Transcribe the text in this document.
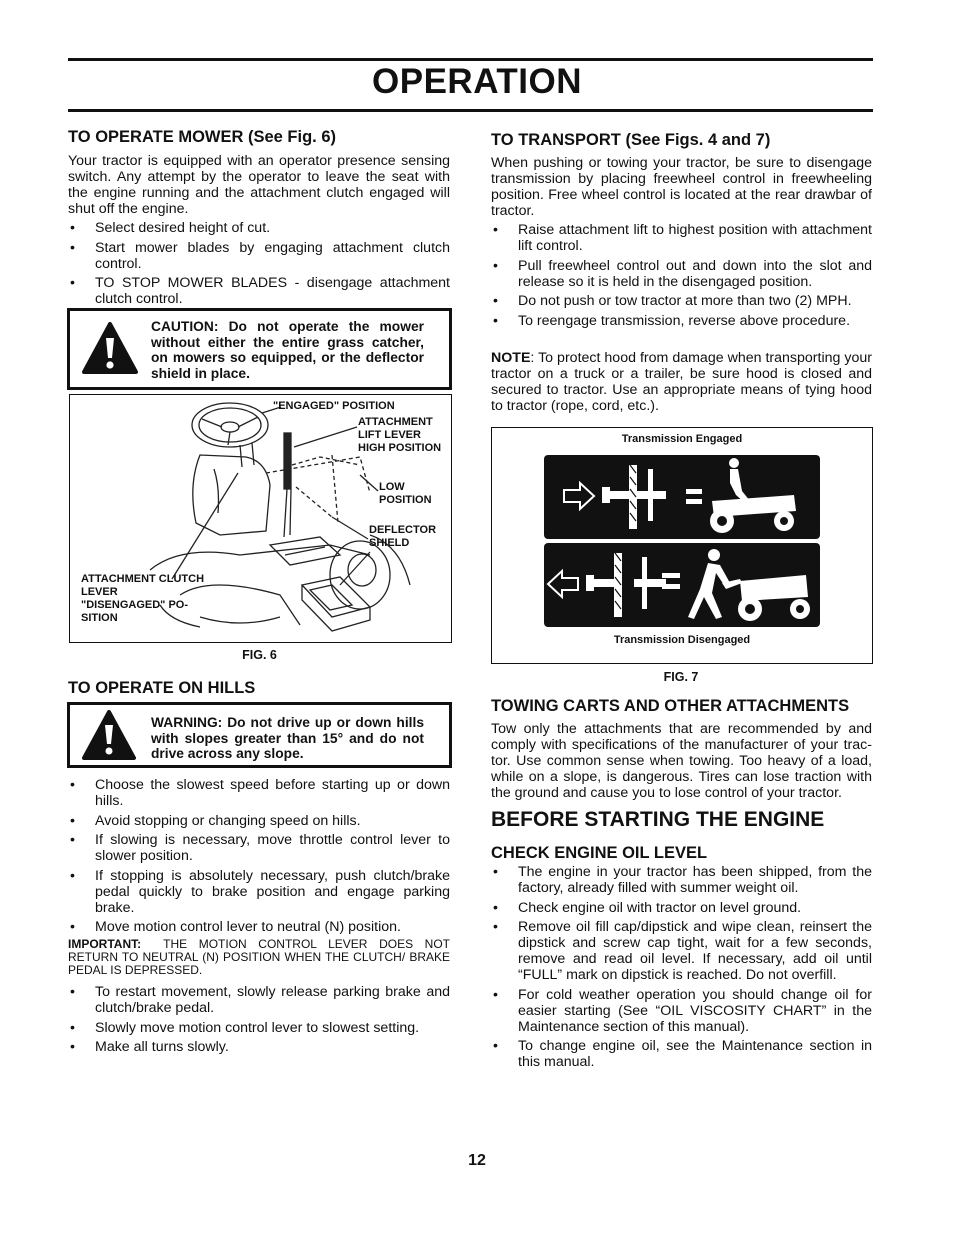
OPERATION
TO OPERATE MOWER (See Fig. 6)

Your tractor is equipped with an operator presence sensing switch. Any attempt by the operator to leave the seat with the engine running and the attachment clutch engaged will shut off the engine.

• Select desired height of cut.
• Start mower blades by engaging attachment clutch control.
• TO STOP MOWER BLADES - disengage attachment clutch control.
CAUTION: Do not operate the mower without either the entire grass catcher, on mowers so equipped, or the deflector shield in place.
"ENGAGED" POSITION
ATTACHMENT LIFT LEVER HIGH POSITION
LOW POSITION
DEFLECTOR SHIELD
ATTACHMENT CLUTCH LEVER "DISENGAGED" PO- SITION
FIG. 6
TO OPERATE ON HILLS
WARNING: Do not drive up or down hills with slopes greater than 15° and do not drive across any slope.
• Choose the slowest speed before starting up or down hills.
• Avoid stopping or changing speed on hills.
• If slowing is necessary, move throttle control lever to slower position.
• If stopping is absolutely necessary, push clutch/brake pedal quickly to brake position and engage parking brake.
• Move motion control lever to neutral (N) position.
IMPORTANT: THE MOTION CONTROL LEVER DOES NOT RETURN TO NEUTRAL (N) POSITION WHEN THE CLUTCH/ BRAKE PEDAL IS DEPRESSED.
• To restart movement, slowly release parking brake and clutch/brake pedal.
• Slowly move motion control lever to slowest setting.
• Make all turns slowly.
TO TRANSPORT (See Figs. 4 and 7)

When pushing or towing your tractor, be sure to disengage transmission by placing freewheel control in freewheeling position. Free wheel control is located at the rear drawbar of tractor.

• Raise attachment lift to highest position with attachment lift control.
• Pull freewheel control out and down into the slot and release so it is held in the disengaged position.
• Do not push or tow tractor at more than two (2) MPH.
• To reengage transmission, reverse above procedure.

NOTE: To protect hood from damage when transporting your tractor on a truck or a trailer, be sure hood is closed and secured to tractor. Use an appropriate means of tying hood to tractor (rope, cord, etc.).

Transmission Engaged
Transmission Disengaged
FIG. 7
TOWING CARTS AND OTHER ATTACHMENTS

Tow only the attachments that are recommended by and comply with specifications of the manufacturer of your trac- tor. Use common sense when towing. Too heavy of a load, while on a slope, is dangerous. Tires can lose traction with the ground and cause you to lose control of your tractor.

BEFORE STARTING THE ENGINE
CHECK ENGINE OIL LEVEL
• The engine in your tractor has been shipped, from the factory, already filled with summer weight oil.
• Check engine oil with tractor on level ground.
• Remove oil fill cap/dipstick and wipe clean, reinsert the dipstick and screw cap tight, wait for a few seconds, remove and read oil level. If necessary, add oil until “FULL” mark on dipstick is reached. Do not overfill.
• For cold weather operation you should change oil for easier starting (See “OIL VISCOSITY CHART” in the Maintenance section of this manual).
• To change engine oil, see the Maintenance section in this manual.
12
